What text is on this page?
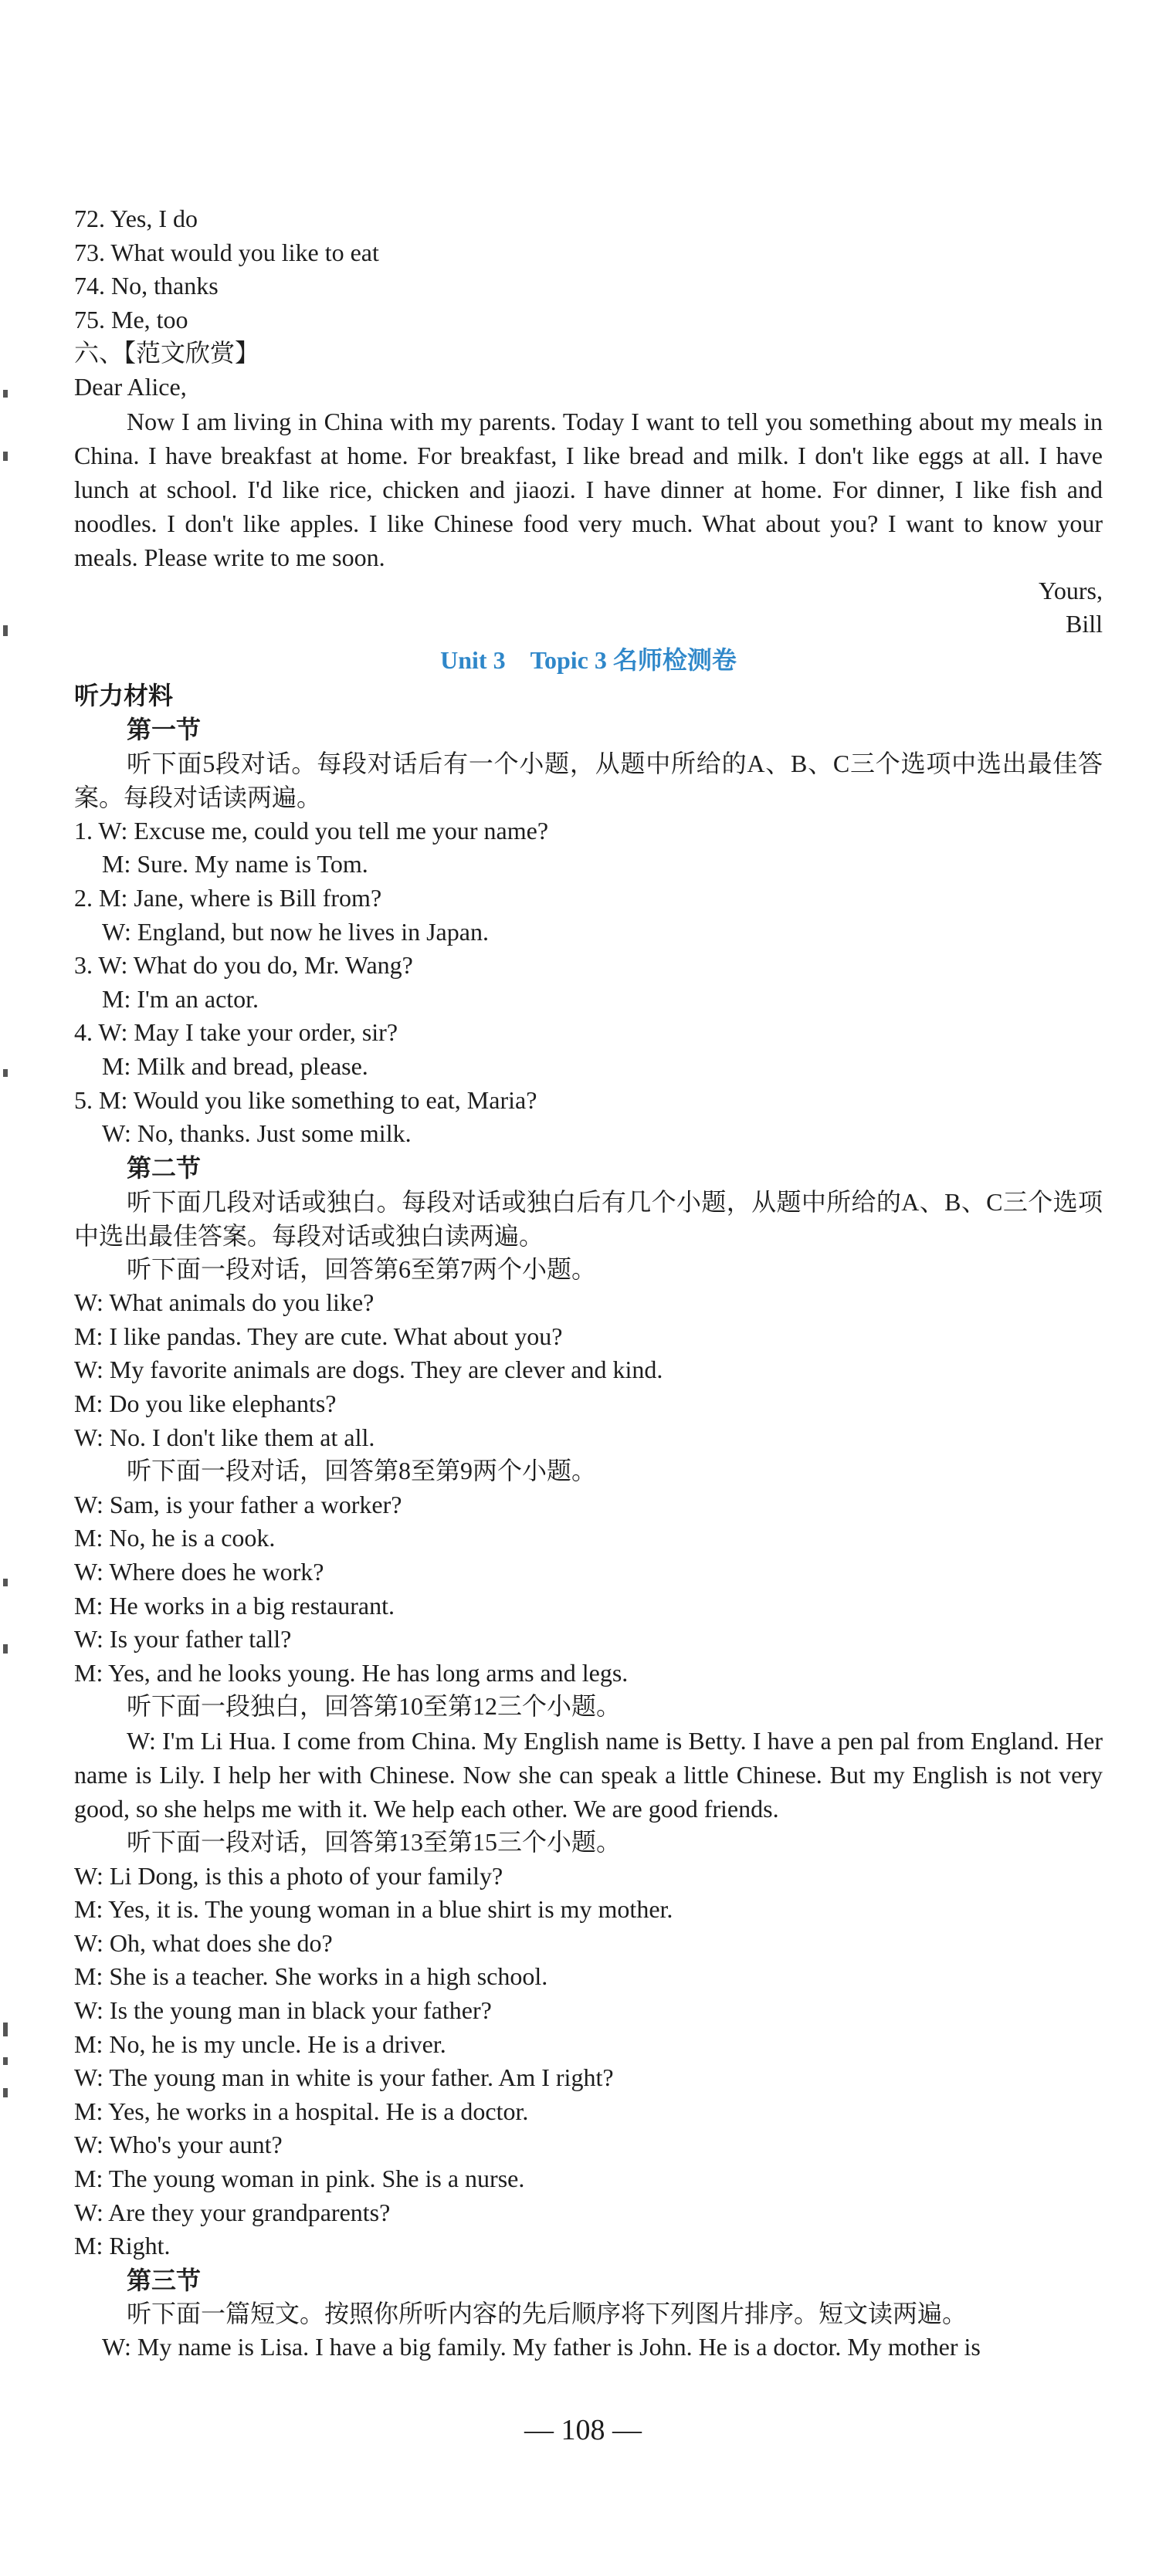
72. Yes, I do
73. What would you like to eat
74. No, thanks
75. Me, too
六、【范文欣赏】
Dear Alice,
Now I am living in China with my parents. Today I want to tell you something about my meals in China. I have breakfast at home. For breakfast, I like bread and milk. I don't like eggs at all. I have lunch at school. I'd like rice, chicken and jiaozi. I have dinner at home. For dinner, I like fish and noodles. I don't like apples. I like Chinese food very much. What about you? I want to know your meals. Please write to me soon.
Yours,
Bill
Unit 3　Topic 3 名师检测卷
听力材料
第一节
听下面5段对话。每段对话后有一个小题，从题中所给的A、B、C三个选项中选出最佳答案。每段对话读两遍。
1. W: Excuse me, could you tell me your name?
M: Sure. My name is Tom.
2. M: Jane, where is Bill from?
W: England, but now he lives in Japan.
3. W: What do you do, Mr. Wang?
M: I'm an actor.
4. W: May I take your order, sir?
M: Milk and bread, please.
5. M: Would you like something to eat, Maria?
W: No, thanks. Just some milk.
第二节
听下面几段对话或独白。每段对话或独白后有几个小题，从题中所给的A、B、C三个选项中选出最佳答案。每段对话或独白读两遍。
听下面一段对话，回答第6至第7两个小题。
W: What animals do you like?
M: I like pandas. They are cute. What about you?
W: My favorite animals are dogs. They are clever and kind.
M: Do you like elephants?
W: No. I don't like them at all.
听下面一段对话，回答第8至第9两个小题。
W: Sam, is your father a worker?
M: No, he is a cook.
W: Where does he work?
M: He works in a big restaurant.
W: Is your father tall?
M: Yes, and he looks young. He has long arms and legs.
听下面一段独白，回答第10至第12三个小题。
W: I'm Li Hua. I come from China. My English name is Betty. I have a pen pal from England. Her name is Lily. I help her with Chinese. Now she can speak a little Chinese. But my English is not very good, so she helps me with it. We help each other. We are good friends.
听下面一段对话，回答第13至第15三个小题。
W: Li Dong, is this a photo of your family?
M: Yes, it is. The young woman in a blue shirt is my mother.
W: Oh, what does she do?
M: She is a teacher. She works in a high school.
W: Is the young man in black your father?
M: No, he is my uncle. He is a driver.
W: The young man in white is your father. Am I right?
M: Yes, he works in a hospital. He is a doctor.
W: Who's your aunt?
M: The young woman in pink. She is a nurse.
W: Are they your grandparents?
M: Right.
第三节
听下面一篇短文。按照你所听内容的先后顺序将下列图片排序。短文读两遍。
W: My name is Lisa. I have a big family. My father is John. He is a doctor. My mother is
— 108 —
